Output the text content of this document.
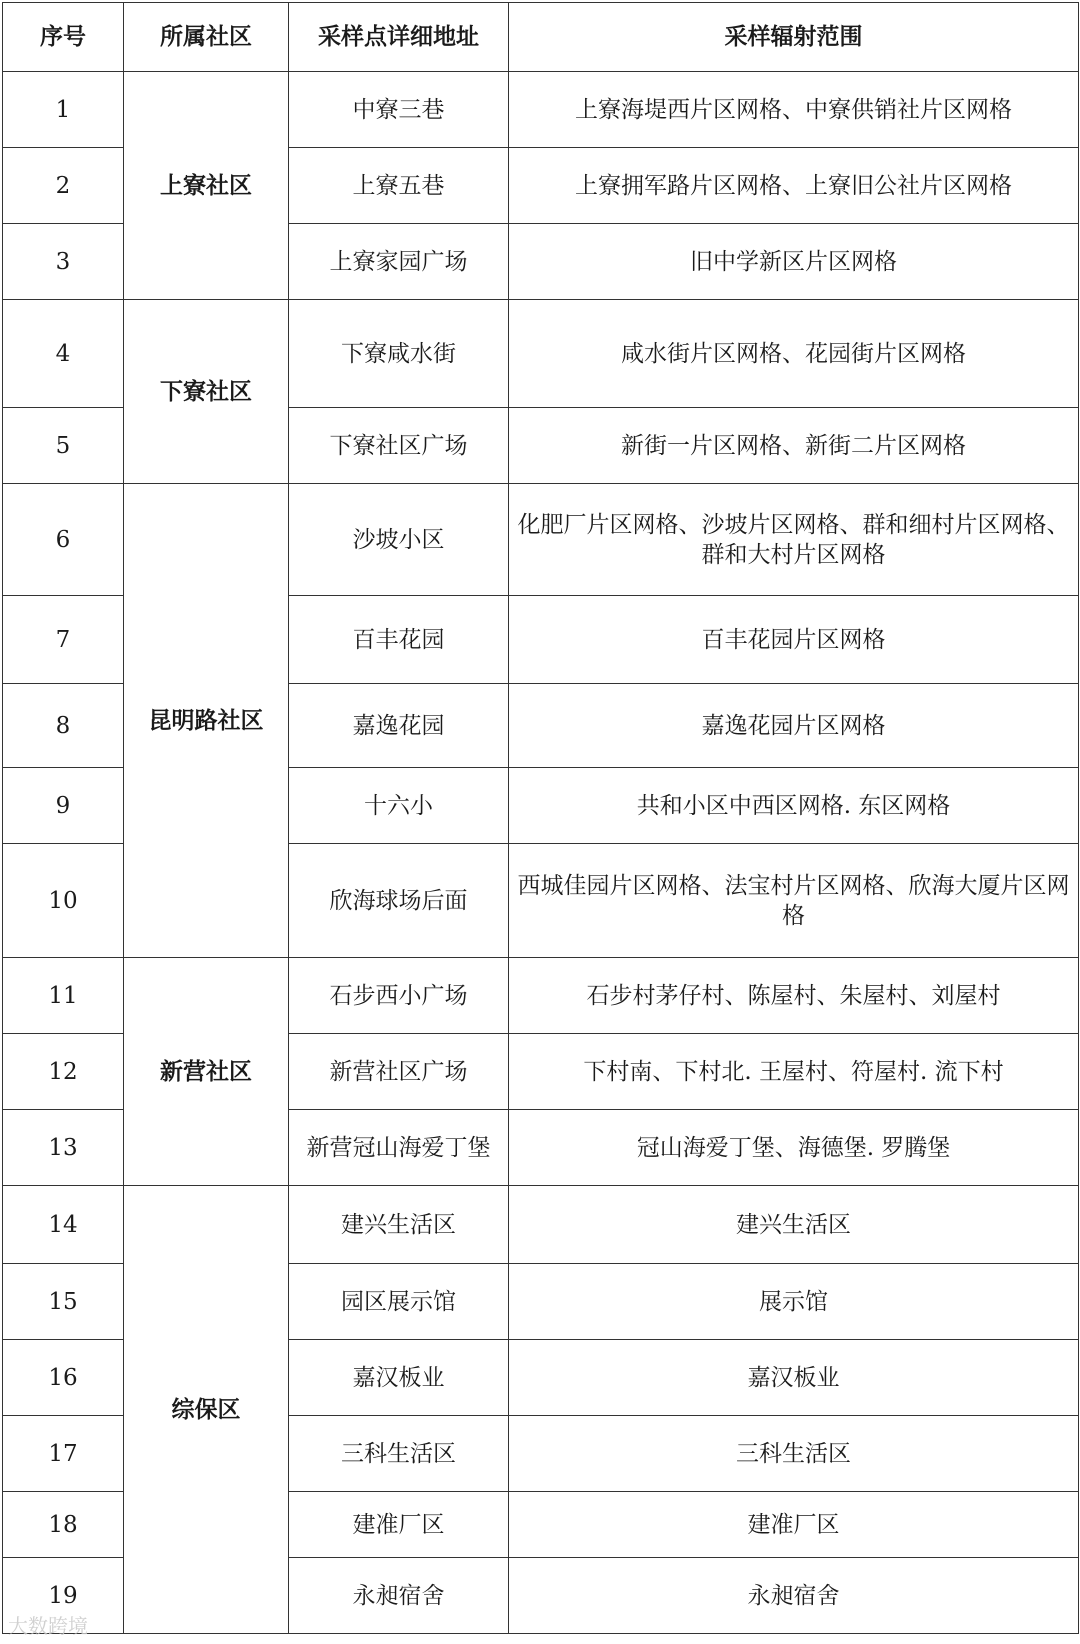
序号	所属社区	采样点详细地址	采样辐射范围
1	上寮社区	中寮三巷	上寮海堤西片区网格、中寮供销社片区网格
2		上寮五巷	上寮拥军路片区网格、上寮旧公社片区网格
3		上寮家园广场	旧中学新区片区网格
4	下寮社区	下寮咸水街	咸水街片区网格、花园街片区网格
5		下寮社区广场	新街一片区网格、新街二片区网格
6	昆明路社区	沙坡小区	化肥厂片区网格、沙坡片区网格、群和细村片区网格、群和大村片区网格
7		百丰花园	百丰花园片区网格
8		嘉逸花园	嘉逸花园片区网格
9		十六小	共和小区中西区网格. 东区网格
10		欣海球场后面	西城佳园片区网格、法宝村片区网格、欣海大厦片区网格
11	新营社区	石步西小广场	石步村茅仔村、陈屋村、朱屋村、刘屋村
12		新营社区广场	下村南、下村北. 王屋村、符屋村. 流下村
13		新营冠山海爱丁堡	冠山海爱丁堡、海德堡. 罗腾堡
14	综保区	建兴生活区	建兴生活区
15		园区展示馆	展示馆
16		嘉汉板业	嘉汉板业
17		三科生活区	三科生活区
18		建准厂区	建准厂区
19		永昶宿舍	永昶宿舍
大数跨境
